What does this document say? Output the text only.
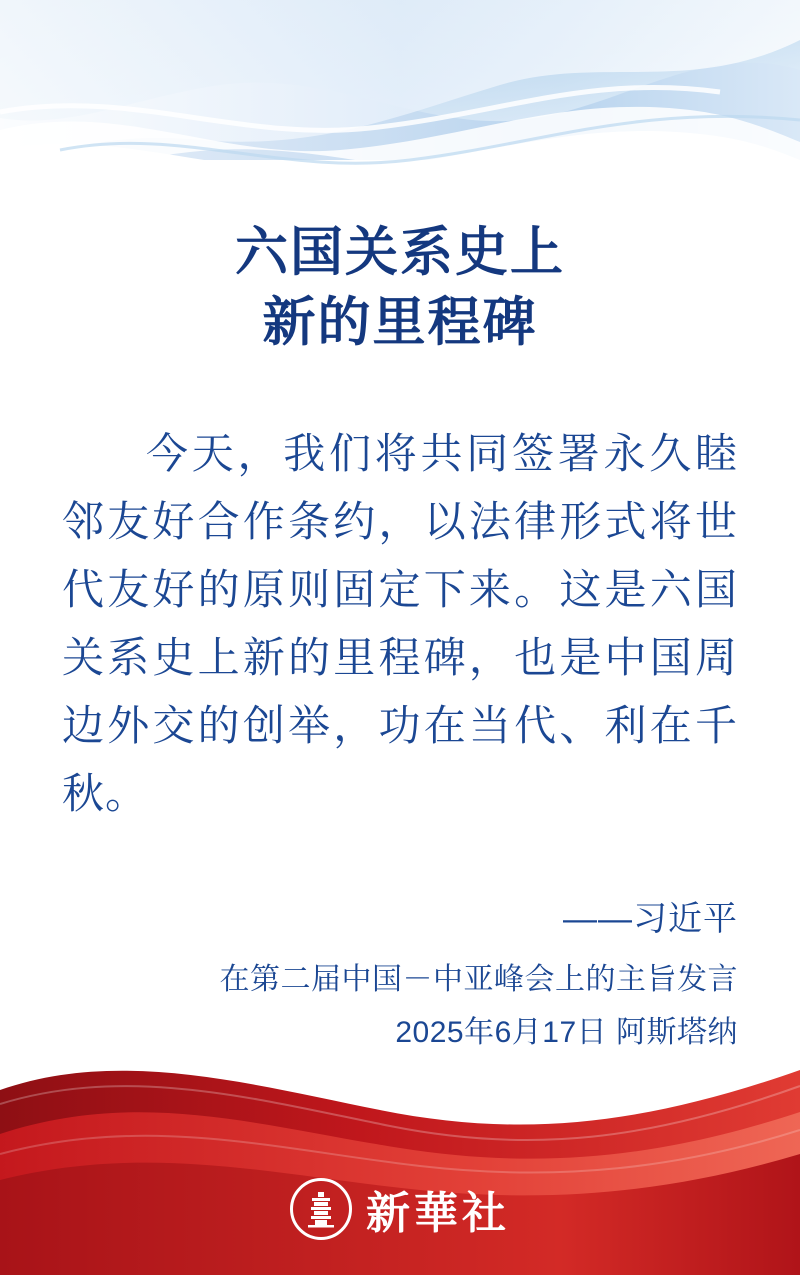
六国关系史上
新的里程碑

今天，我们将共同签署永久睦邻友好合作条约，以法律形式将世代友好的原则固定下来。这是六国关系史上新的里程碑，也是中国周边外交的创举，功在当代、利在千秋。

——习近平
在第二届中国－中亚峰会上的主旨发言
2025年6月17日 阿斯塔纳
新華社
